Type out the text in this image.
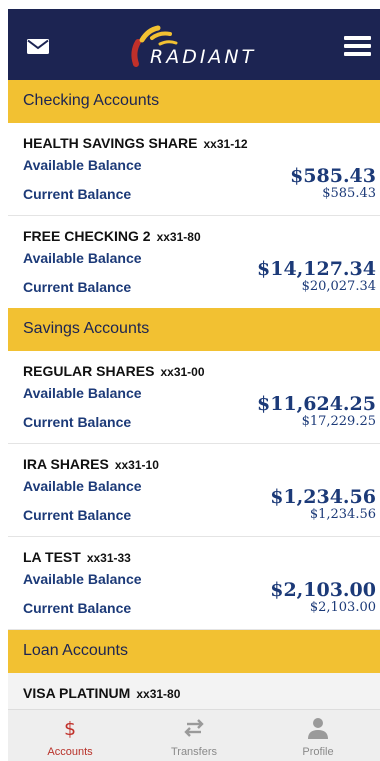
RADIANT
Checking Accounts
HEALTH SAVINGS SHARE xx31-12
Available Balance	$585.43
Current Balance	$585.43
FREE CHECKING 2 xx31-80
Available Balance	$14,127.34
Current Balance	$20,027.34
Savings Accounts
REGULAR SHARES xx31-00
Available Balance	$11,624.25
Current Balance	$17,229.25
IRA SHARES xx31-10
Available Balance	$1,234.56
Current Balance	$1,234.56
LA TEST xx31-33
Available Balance	$2,103.00
Current Balance	$2,103.00
Loan Accounts
VISA PLATINUM xx31-80
$
Accounts	Transfers	Profile
